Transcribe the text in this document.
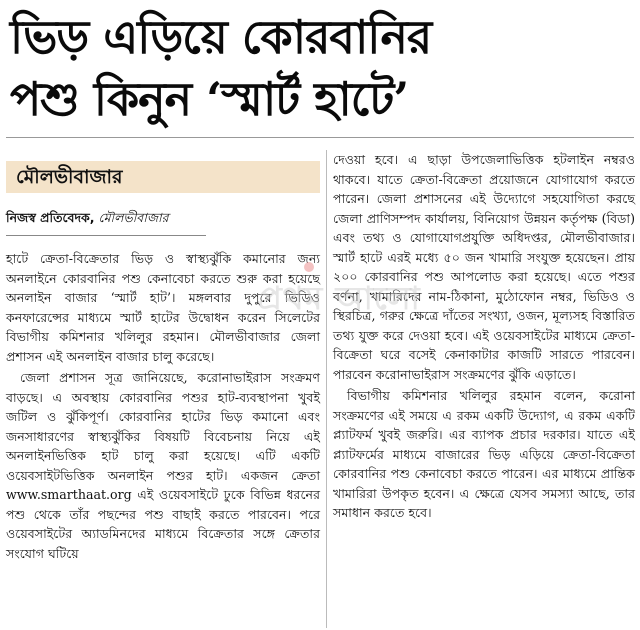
ভিড় এড়িয়ে কোরবানির
পশু কিনুন ‘স্মার্ট হাটে’
মৌলভীবাজার
নিজস্ব প্রতিবেদক, মৌলভীবাজার

হাটে ক্রেতা-বিক্রেতার ভিড় ও স্বাস্থ্যঝুঁকি কমানোর জন্য অনলাইনে কোরবানির পশু কেনাবেচা করতে শুরু করা হয়েছে অনলাইন বাজার ‘স্মার্ট হাট’। মঙ্গলবার দুপুরে ভিডিও কনফারেন্সের মাধ্যমে স্মার্ট হাটের উদ্বোধন করেন সিলেটের বিভাগীয় কমিশনার খলিলুর রহমান। মৌলভীবাজার জেলা প্রশাসন এই অনলাইন বাজার চালু করেছে।

জেলা প্রশাসন সূত্র জানিয়েছে, করোনাভাইরাস সংক্রমণ বাড়ছে। এ অবস্থায় কোরবানির পশুর হাট-ব্যবস্থাপনা খুবই জটিল ও ঝুঁকিপূর্ণ। কোরবানির হাটের ভিড় কমানো এবং জনসাধারণের স্বাস্থ্যঝুঁকির বিষয়টি বিবেচনায় নিয়ে এই অনলাইনভিত্তিক হাট চালু করা হয়েছে। এটি একটি ওয়েবসাইটভিত্তিক অনলাইন পশুর হাট। একজন ক্রেতা www.smarthaat.org এই ওয়েবসাইটে ঢুকে বিভিন্ন ধরনের পশু থেকে তাঁর পছন্দের পশু বাছাই করতে পারবেন। পরে ওয়েবসাইটের অ্যাডমিনদের মাধ্যমে বিক্রেতার সঙ্গে ক্রেতার সংযোগ ঘটিয়ে

দেওয়া হবে। এ ছাড়া উপজেলাভিত্তিক হটলাইন নম্বরও থাকবে। যাতে ক্রেতা-বিক্রেতা প্রয়োজনে যোগাযোগ করতে পারেন। জেলা প্রশাসনের এই উদ্যোগে সহযোগিতা করছে জেলা প্রাণিসম্পদ কার্যালয়, বিনিয়োগ উন্নয়ন কর্তৃপক্ষ (বিডা) এবং তথ্য ও যোগাযোগপ্রযুক্তি অধিদপ্তর, মৌলভীবাজার। স্মার্ট হাটে এরই মধ্যে ৫০ জন খামারি সংযুক্ত হয়েছেন। প্রায় ২০০ কোরবানির পশু আপলোড করা হয়েছে। এতে পশুর বর্ণনা, খামারিদের নাম-ঠিকানা, মুঠোফোন নম্বর, ভিডিও ও স্থিরচিত্র, গরুর ক্ষেত্রে দাঁতের সংখ্যা, ওজন, মূল্যসহ বিস্তারিত তথ্য যুক্ত করে দেওয়া হবে। এই ওয়েবসাইটের মাধ্যমে ক্রেতা-বিক্রেতা ঘরে বসেই কেনাকাটার কাজটি সারতে পারবেন। পারবেন করোনাভাইরাস সংক্রমণের ঝুঁকি এড়াতে।

বিভাগীয় কমিশনার খলিলুর রহমান বলেন, করোনা সংক্রমণের এই সময়ে এ রকম একটি উদ্যোগ, এ রকম একটি প্ল্যাটফর্ম খুবই জরুরি। এর ব্যাপক প্রচার দরকার। যাতে এই প্ল্যাটফর্মের মাধ্যমে বাজারের ভিড় এড়িয়ে ক্রেতা-বিক্রেতা কোরবানির পশু কেনাবেচা করতে পারেন। এর মাধ্যমে প্রান্তিক খামারিরা উপকৃত হবেন। এ ক্ষেত্রে যেসব সমস্যা আছে, তার সমাধান করতে হবে।

প্রথম আলো
